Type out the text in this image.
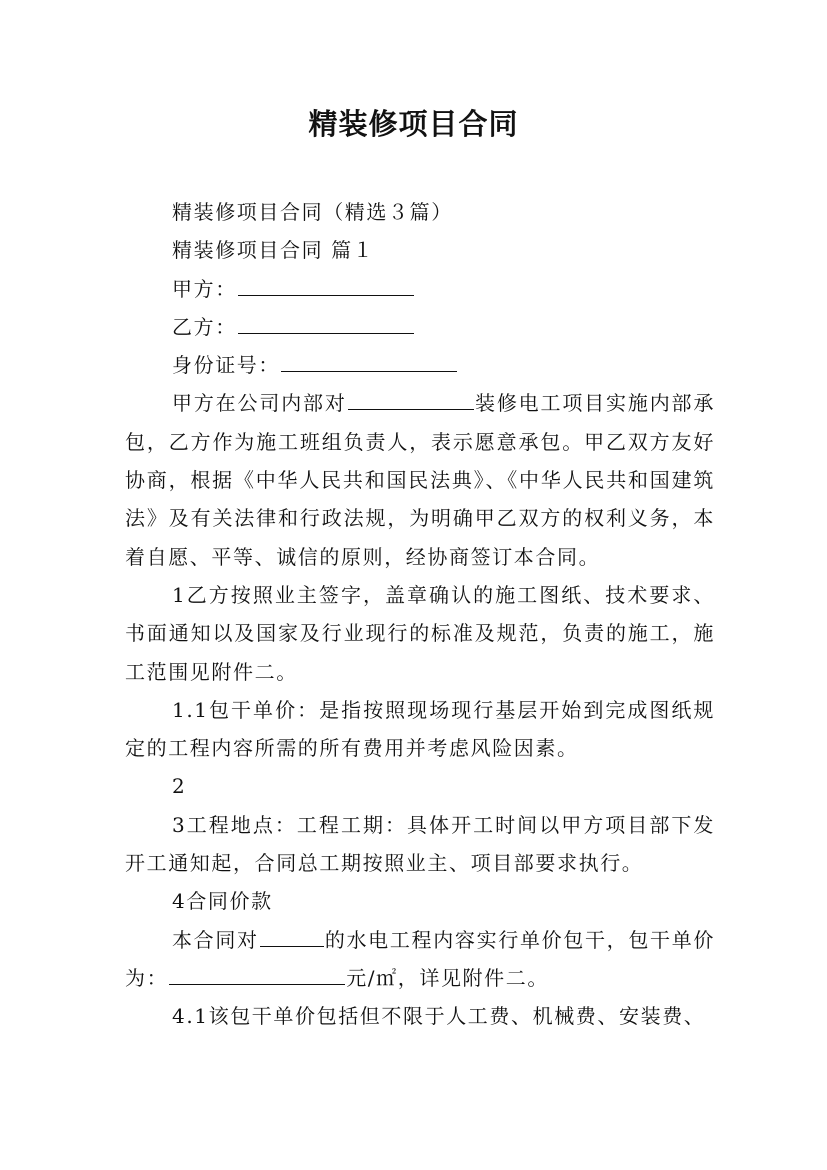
精装修项目合同

精装修项目合同（精选３篇）

精装修项目合同 篇１

甲方：

乙方：

身份证号：

甲方在公司内部对	装修电工项目实施内部承包，乙方作为施工班组负责人，表示愿意承包。甲乙双方友好协商，根据《中华人民共和国民法典》、《中华人民共和国建筑法》及有关法律和行政法规，为明确甲乙双方的权利义务，本着自愿、平等、诚信的原则，经协商签订本合同。

1乙方按照业主签字，盖章确认的施工图纸、技术要求、书面通知以及国家及行业现行的标准及规范，负责的施工，施工范围见附件二。

1.1包干单价：是指按照现场现行基层开始到完成图纸规定的工程内容所需的所有费用并考虑风险因素。

2

3工程地点：工程工期：具体开工时间以甲方项目部下发开工通知起，合同总工期按照业主、项目部要求执行。

4合同价款

本合同对	的水电工程内容实行单价包干，包干单价为：	元/㎡，详见附件二。

4.1该包干单价包括但不限于人工费、机械费、安装费、
